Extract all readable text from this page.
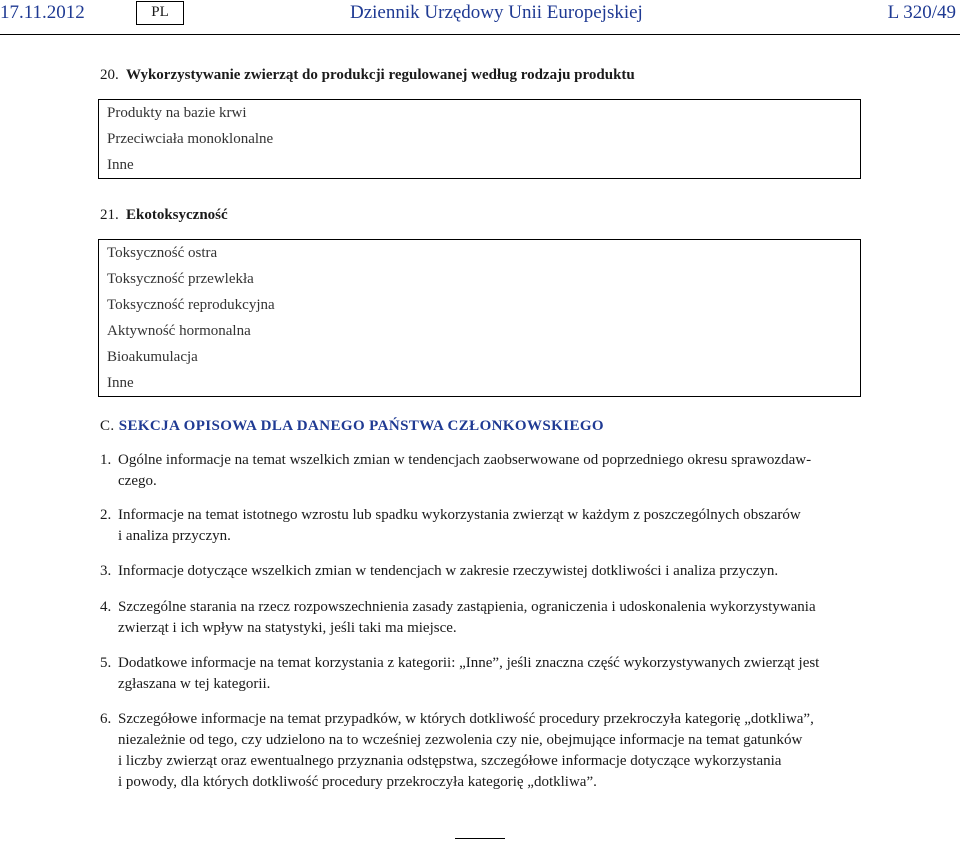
17.11.2012	PL	Dziennik Urzędowy Unii Europejskiej	L 320/49
20. Wykorzystywanie zwierząt do produkcji regulowanej według rodzaju produktu
Produkty na bazie krwi
Przeciwciała monoklonalne
Inne
21. Ekotoksyczność
Toksyczność ostra
Toksyczność przewlekła
Toksyczność reprodukcyjna
Aktywność hormonalna
Bioakumulacja
Inne
C. SEKCJA OPISOWA DLA DANEGO PAŃSTWA CZŁONKOWSKIEGO
1. Ogólne informacje na temat wszelkich zmian w tendencjach zaobserwowane od poprzedniego okresu sprawozdaw-
czego.
2. Informacje na temat istotnego wzrostu lub spadku wykorzystania zwierząt w każdym z poszczególnych obszarów
i analiza przyczyn.
3. Informacje dotyczące wszelkich zmian w tendencjach w zakresie rzeczywistej dotkliwości i analiza przyczyn.
4. Szczególne starania na rzecz rozpowszechnienia zasady zastąpienia, ograniczenia i udoskonalenia wykorzystywania
zwierząt i ich wpływ na statystyki, jeśli taki ma miejsce.
5. Dodatkowe informacje na temat korzystania z kategorii: „Inne”, jeśli znaczna część wykorzystywanych zwierząt jest
zgłaszana w tej kategorii.
6. Szczegółowe informacje na temat przypadków, w których dotkliwość procedury przekroczyła kategorię „dotkliwa”,
niezależnie od tego, czy udzielono na to wcześniej zezwolenia czy nie, obejmujące informacje na temat gatunków
i liczby zwierząt oraz ewentualnego przyznania odstępstwa, szczegółowe informacje dotyczące wykorzystania
i powody, dla których dotkliwość procedury przekroczyła kategorię „dotkliwa”.
